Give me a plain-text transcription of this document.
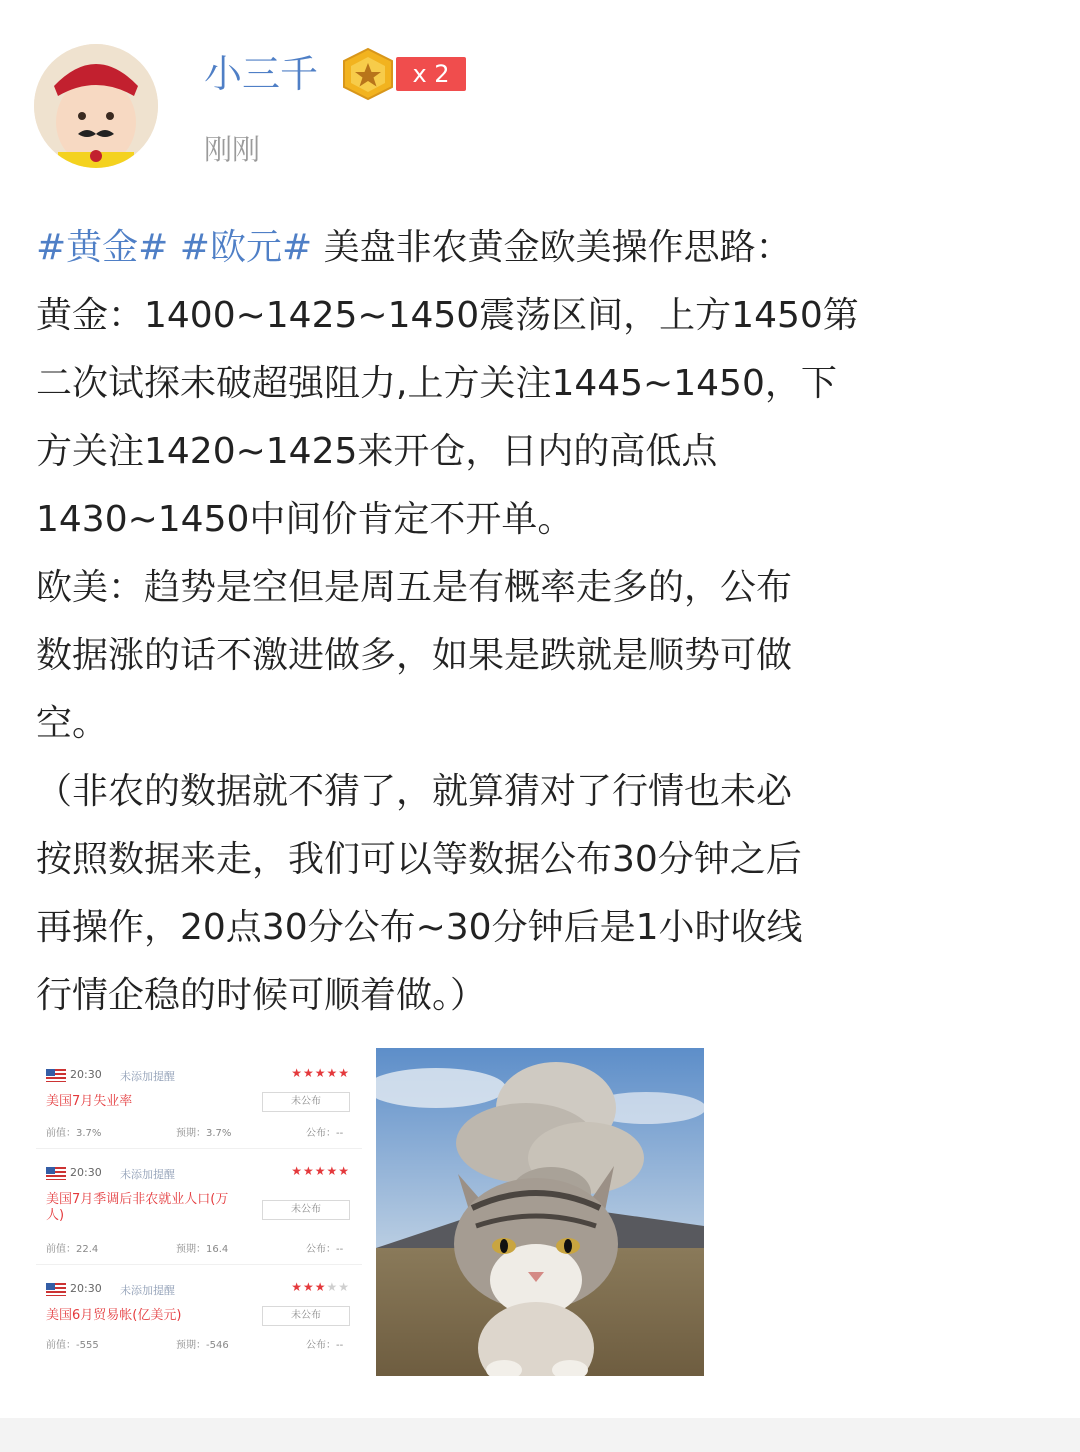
小三千	x 2
刚刚
#黄金# #欧元# 美盘非农黄金欧美操作思路：
黄金：1400~1425~1450震荡区间，上方1450第
二次试探未破超强阻力,上方关注1445~1450，下
方关注1420~1425来开仓，日内的高低点
1430~1450中间价肯定不开单。
欧美：趋势是空但是周五是有概率走多的，公布
数据涨的话不激进做多，如果是跌就是顺势可做
空。
（非农的数据就不猜了，就算猜对了行情也未必
按照数据来走，我们可以等数据公布30分钟之后
再操作，20点30分公布~30分钟后是1小时收线
行情企稳的时候可顺着做。）
20:30 未添加提醒	★★★★★
美国7月失业率	未公布
前值：3.7%	预期：3.7%	公布：--
20:30 未添加提醒	★★★★★
美国7月季调后非农就业人口(万人)	未公布
前值：22.4	预期：16.4	公布：--
20:30 未添加提醒	★★★★★
美国6月贸易帐(亿美元)	未公布
前值：-555	预期：-546	公布：--
